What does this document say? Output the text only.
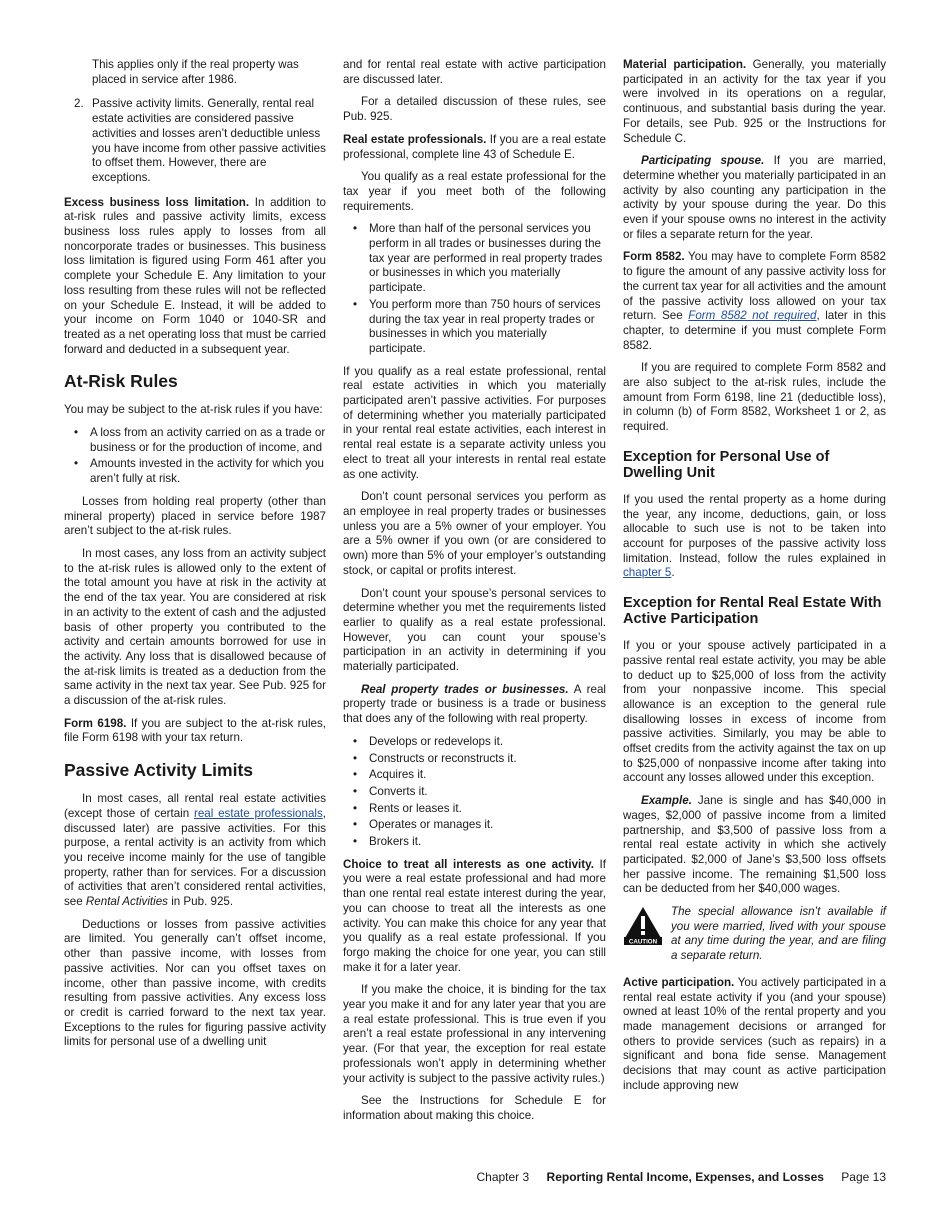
This applies only if the real property was placed in service after 1986.
2. Passive activity limits. Generally, rental real estate activities are considered passive activities and losses aren’t deductible unless you have income from other passive activities to offset them. However, there are exceptions.

Excess business loss limitation. In addition to at-risk rules and passive activity limits, excess business loss rules apply to losses from all noncorporate trades or businesses. This business loss limitation is figured using Form 461 after you complete your Schedule E. Any limitation to your loss resulting from these rules will not be reflected on your Schedule E. Instead, it will be added to your income on Form 1040 or 1040-SR and treated as a net operating loss that must be carried forward and deducted in a subsequent year.

At-Risk Rules

You may be subject to the at-risk rules if you have:

• A loss from an activity carried on as a trade or business or for the production of income, and
• Amounts invested in the activity for which you aren’t fully at risk.

Losses from holding real property (other than mineral property) placed in service before 1987 aren’t subject to the at-risk rules.

In most cases, any loss from an activity subject to the at-risk rules is allowed only to the extent of the total amount you have at risk in the activity at the end of the tax year. You are considered at risk in an activity to the extent of cash and the adjusted basis of other property you contributed to the activity and certain amounts borrowed for use in the activity. Any loss that is disallowed because of the at-risk limits is treated as a deduction from the same activity in the next tax year. See Pub. 925 for a discussion of the at-risk rules.

Form 6198. If you are subject to the at-risk rules, file Form 6198 with your tax return.

Passive Activity Limits

In most cases, all rental real estate activities (except those of certain real estate professionals, discussed later) are passive activities. For this purpose, a rental activity is an activity from which you receive income mainly for the use of tangible property, rather than for services. For a discussion of activities that aren’t considered rental activities, see Rental Activities in Pub. 925.

Deductions or losses from passive activities are limited. You generally can’t offset income, other than passive income, with losses from passive activities. Nor can you offset taxes on income, other than passive income, with credits resulting from passive activities. Any excess loss or credit is carried forward to the next tax year. Exceptions to the rules for figuring passive activity limits for personal use of a dwelling unit

and for rental real estate with active participation are discussed later.

For a detailed discussion of these rules, see Pub. 925.

Real estate professionals. If you are a real estate professional, complete line 43 of Schedule E.

You qualify as a real estate professional for the tax year if you meet both of the following requirements.

• More than half of the personal services you perform in all trades or businesses during the tax year are performed in real property trades or businesses in which you materially participate.
• You perform more than 750 hours of services during the tax year in real property trades or businesses in which you materially participate.

If you qualify as a real estate professional, rental real estate activities in which you materially participated aren’t passive activities. For purposes of determining whether you materially participated in your rental real estate activities, each interest in rental real estate is a separate activity unless you elect to treat all your interests in rental real estate as one activity.

Don’t count personal services you perform as an employee in real property trades or businesses unless you are a 5% owner of your employer. You are a 5% owner if you own (or are considered to own) more than 5% of your employer’s outstanding stock, or capital or profits interest.

Don’t count your spouse’s personal services to determine whether you met the requirements listed earlier to qualify as a real estate professional. However, you can count your spouse’s participation in an activity in determining if you materially participated.

Real property trades or businesses. A real property trade or business is a trade or business that does any of the following with real property.

• Develops or redevelops it.
• Constructs or reconstructs it.
• Acquires it.
• Converts it.
• Rents or leases it.
• Operates or manages it.
• Brokers it.

Choice to treat all interests as one activity. If you were a real estate professional and had more than one rental real estate interest during the year, you can choose to treat all the interests as one activity. You can make this choice for any year that you qualify as a real estate professional. If you forgo making the choice for one year, you can still make it for a later year.

If you make the choice, it is binding for the tax year you make it and for any later year that you are a real estate professional. This is true even if you aren’t a real estate professional in any intervening year. (For that year, the exception for real estate professionals won’t apply in determining whether your activity is subject to the passive activity rules.)

See the Instructions for Schedule E for information about making this choice.

Material participation. Generally, you materially participated in an activity for the tax year if you were involved in its operations on a regular, continuous, and substantial basis during the year. For details, see Pub. 925 or the Instructions for Schedule C.

Participating spouse. If you are married, determine whether you materially participated in an activity by also counting any participation in the activity by your spouse during the year. Do this even if your spouse owns no interest in the activity or files a separate return for the year.

Form 8582. You may have to complete Form 8582 to figure the amount of any passive activity loss for the current tax year for all activities and the amount of the passive activity loss allowed on your tax return. See Form 8582 not required, later in this chapter, to determine if you must complete Form 8582.

If you are required to complete Form 8582 and are also subject to the at-risk rules, include the amount from Form 6198, line 21 (deductible loss), in column (b) of Form 8582, Worksheet 1 or 2, as required.

Exception for Personal Use of Dwelling Unit

If you used the rental property as a home during the year, any income, deductions, gain, or loss allocable to such use is not to be taken into account for purposes of the passive activity loss limitation. Instead, follow the rules explained in chapter 5.

Exception for Rental Real Estate With Active Participation

If you or your spouse actively participated in a passive rental real estate activity, you may be able to deduct up to $25,000 of loss from the activity from your nonpassive income. This special allowance is an exception to the general rule disallowing losses in excess of income from passive activities. Similarly, you may be able to offset credits from the activity against the tax on up to $25,000 of nonpassive income after taking into account any losses allowed under this exception.

Example. Jane is single and has $40,000 in wages, $2,000 of passive income from a limited partnership, and $3,500 of passive loss from a rental real estate activity in which she actively participated. $2,000 of Jane’s $3,500 loss offsets her passive income. The remaining $1,500 loss can be deducted from her $40,000 wages.

CAUTION
The special allowance isn’t available if you were married, lived with your spouse at any time during the year, and are filing a separate return.

Active participation. You actively participated in a rental real estate activity if you (and your spouse) owned at least 10% of the rental property and you made management decisions or arranged for others to provide services (such as repairs) in a significant and bona fide sense. Management decisions that may count as active participation include approving new

Chapter 3 Reporting Rental Income, Expenses, and Losses Page 13
